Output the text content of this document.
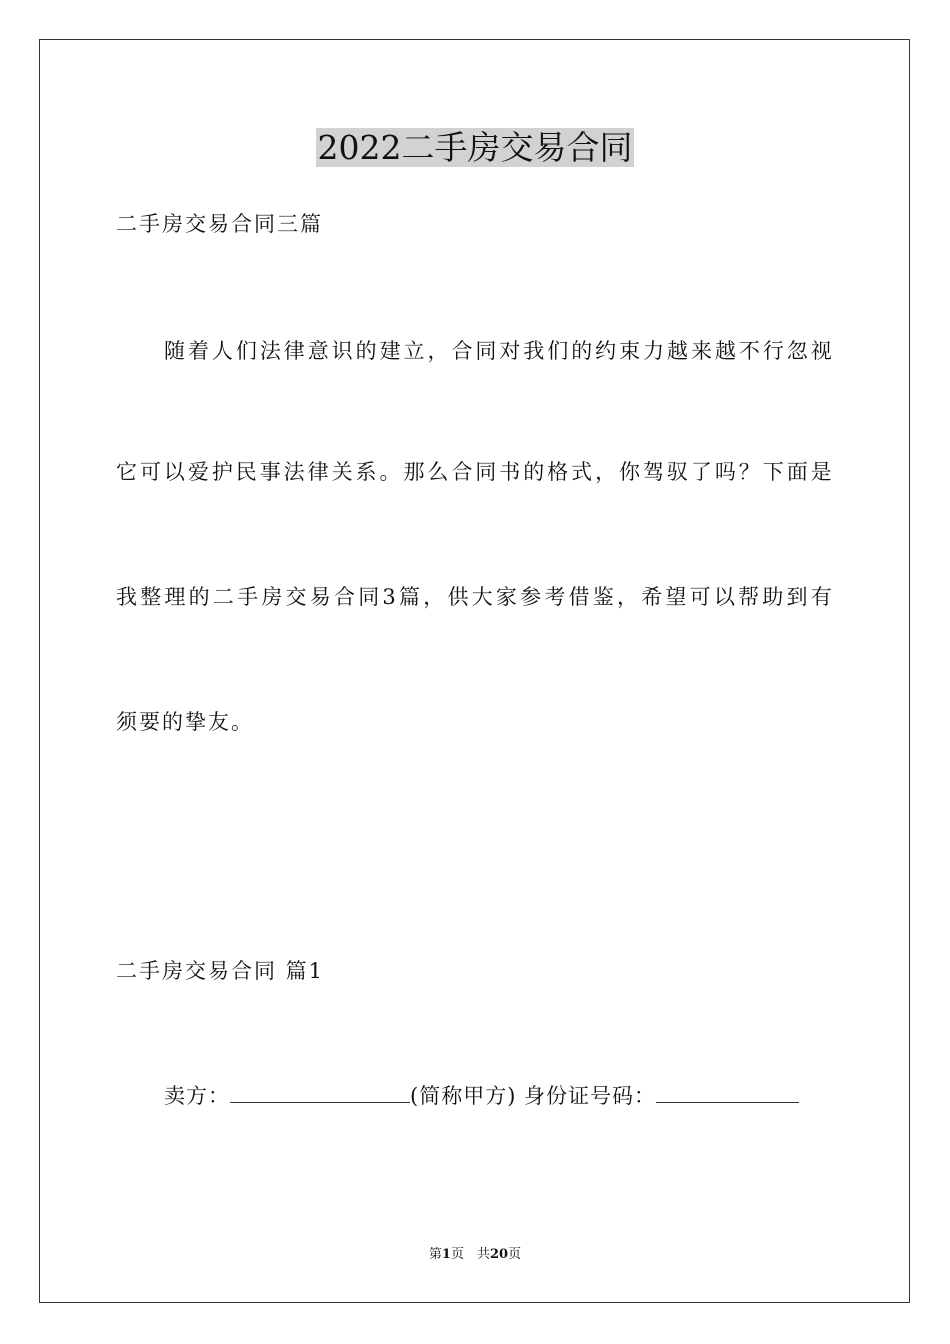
2022二手房交易合同
二手房交易合同三篇
随 着 人 们 法 律 意 识 的 建 立 ， 合 同 对 我 们 的 约 束 力 越 来 越 不 行 忽 视
它 可 以 爱 护 民 事 法 律 关 系 。 那 么 合 同 书 的 格 式 ， 你 驾 驭 了 吗 ？ 下 面 是
我 整 理 的 二 手 房 交 易 合 同 3 篇 ， 供 大 家 参 考 借 鉴 ， 希 望 可 以 帮 助 到 有
须要的挚友。
二手房交易合同 篇1
卖方：	(简称甲方) 身份证号码：
第1页　共20页
